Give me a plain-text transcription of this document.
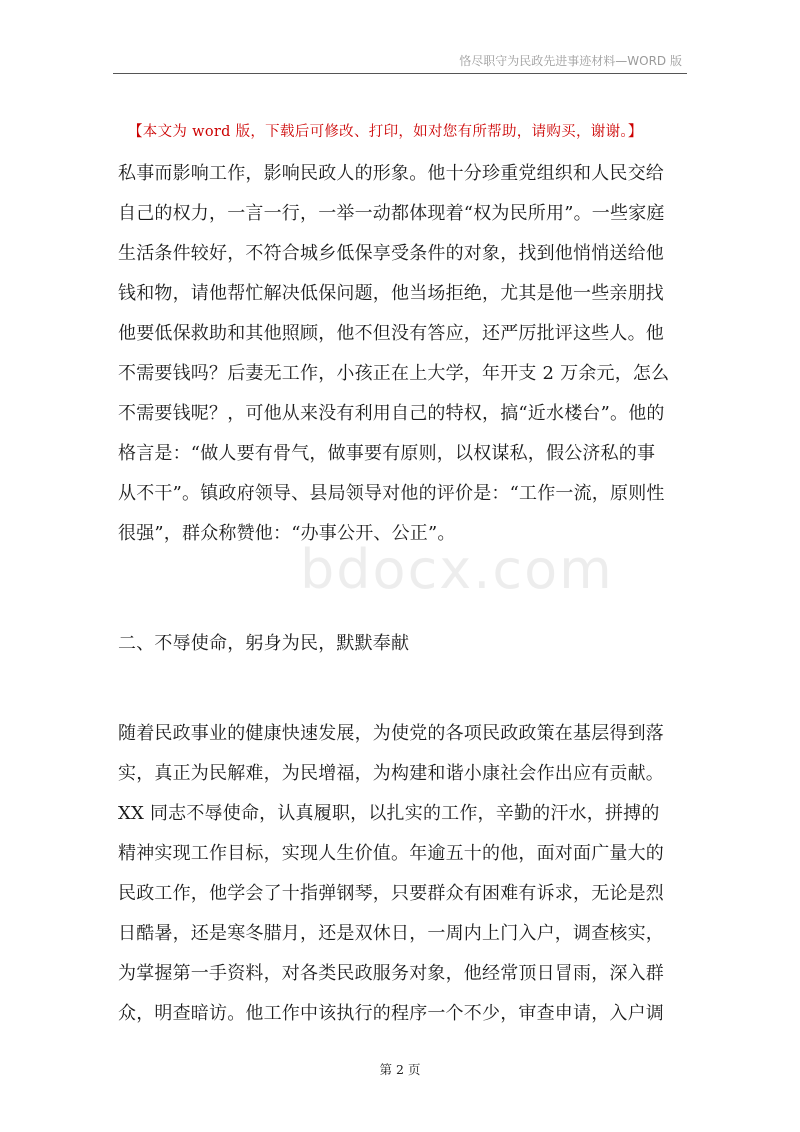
恪尽职守为民政先进事迹材料—WORD 版
【本文为 word 版，下载后可修改、打印，如对您有所帮助，请购买，谢谢。】
bdocx.com
私事而影响工作，影响民政人的形象。他十分珍重党组织和人民交给
自己的权力，一言一行，一举一动都体现着“权为民所用”。一些家庭
生活条件较好，不符合城乡低保享受条件的对象，找到他悄悄送给他
钱和物，请他帮忙解决低保问题，他当场拒绝，尤其是他一些亲朋找
他要低保救助和其他照顾，他不但没有答应，还严厉批评这些人。他
不需要钱吗？后妻无工作，小孩正在上大学，年开支 2 万余元，怎么
不需要钱呢？，可他从来没有利用自己的特权，搞“近水楼台”。他的
格言是：“做人要有骨气，做事要有原则，以权谋私，假公济私的事
从不干”。镇政府领导、县局领导对他的评价是：“工作一流，原则性
很强”，群众称赞他：“办事公开、公正”。
二、不辱使命，躬身为民，默默奉献
随着民政事业的健康快速发展，为使党的各项民政政策在基层得到落
实，真正为民解难，为民增福，为构建和谐小康社会作出应有贡献。
XX 同志不辱使命，认真履职，以扎实的工作，辛勤的汗水，拼搏的
精神实现工作目标，实现人生价值。年逾五十的他，面对面广量大的
民政工作，他学会了十指弹钢琴，只要群众有困难有诉求，无论是烈
日酷暑，还是寒冬腊月，还是双休日，一周内上门入户，调查核实，
为掌握第一手资料，对各类民政服务对象，他经常顶日冒雨，深入群
众，明查暗访。他工作中该执行的程序一个不少，审查申请，入户调
第 2 页
